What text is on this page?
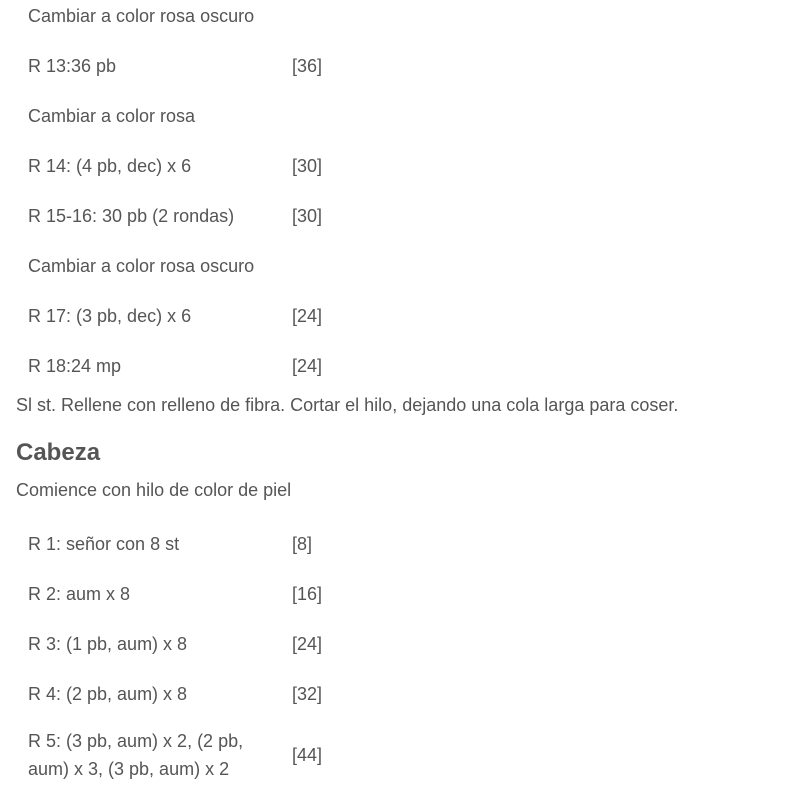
Cambiar a color rosa oscuro	
R 13:36 pb	[36]
Cambiar a color rosa	
R 14: (4 pb, dec) x 6	[30]
R 15-16: 30 pb (2 rondas)	[30]
Cambiar a color rosa oscuro	
R 17: (3 pb, dec) x 6	[24]
R 18:24 mp	[24]

Sl st. Rellene con relleno de fibra. Cortar el hilo, dejando una cola larga para coser.

Cabeza

Comience con hilo de color de piel

R 1: señor con 8 st	[8]
R 2: aum x 8	[16]
R 3: (1 pb, aum) x 8	[24]
R 4: (2 pb, aum) x 8	[32]
R 5: (3 pb, aum) x 2, (2 pb, aum) x 3, (3 pb, aum) x 2	[44]
